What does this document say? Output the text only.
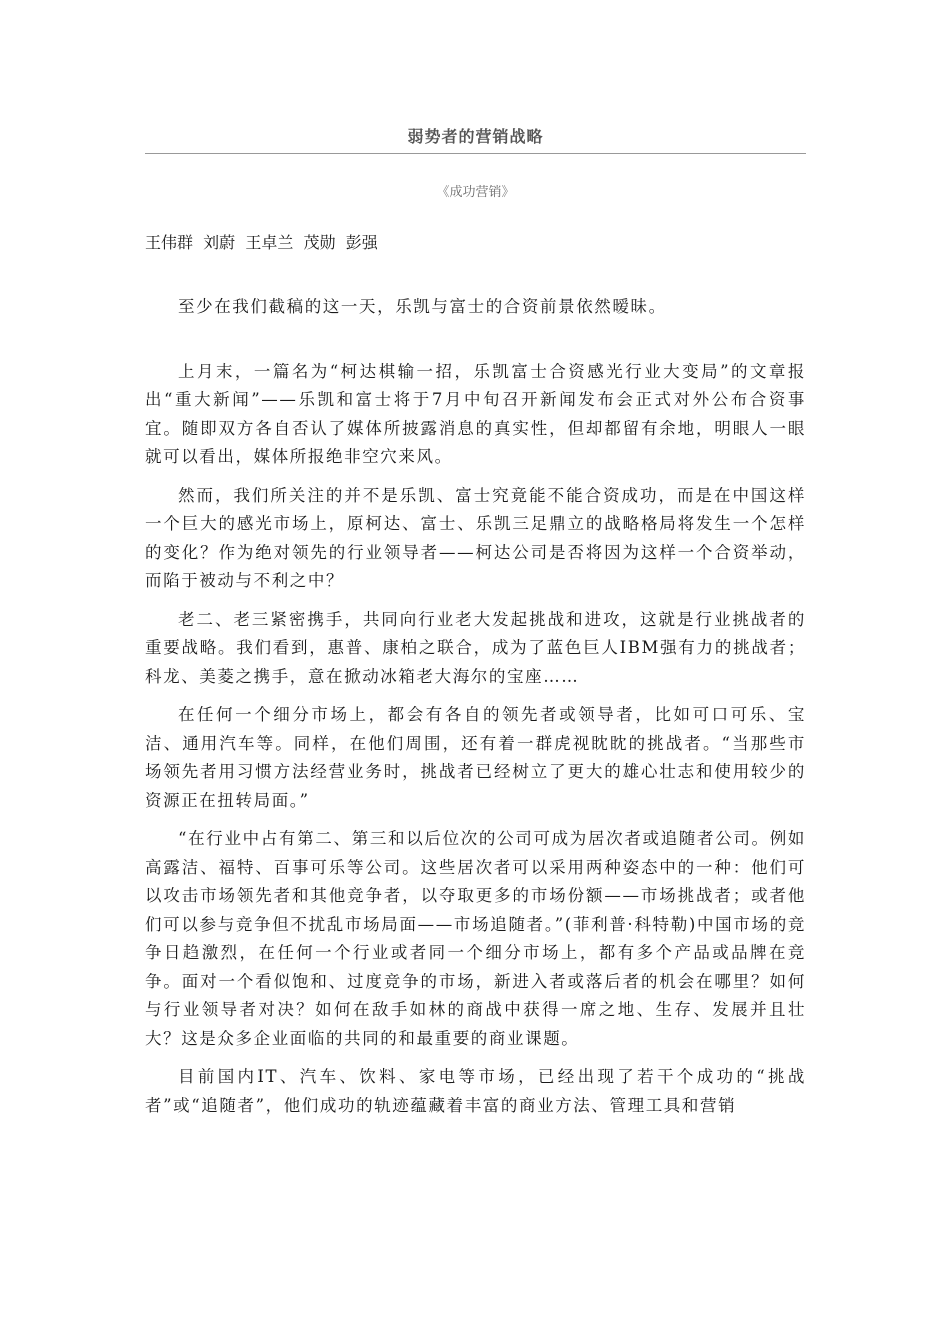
弱势者的营销战略
《成功营销》
王伟群  刘蔚  王卓兰  茂勋  彭强

至少在我们截稿的这一天，乐凯与富士的合资前景依然暧昧。

上月末，一篇名为“柯达棋输一招，乐凯富士合资感光行业大变局”的文章报出“重大新闻”——乐凯和富士将于7月中旬召开新闻发布会正式对外公布合资事宜。随即双方各自否认了媒体所披露消息的真实性，但却都留有余地，明眼人一眼就可以看出，媒体所报绝非空穴来风。

然而，我们所关注的并不是乐凯、富士究竟能不能合资成功，而是在中国这样一个巨大的感光市场上，原柯达、富士、乐凯三足鼎立的战略格局将发生一个怎样的变化？作为绝对领先的行业领导者——柯达公司是否将因为这样一个合资举动，而陷于被动与不利之中？

老二、老三紧密携手，共同向行业老大发起挑战和进攻，这就是行业挑战者的重要战略。我们看到，惠普、康柏之联合，成为了蓝色巨人IBM强有力的挑战者；科龙、美菱之携手，意在掀动冰箱老大海尔的宝座……

在任何一个细分市场上，都会有各自的领先者或领导者，比如可口可乐、宝洁、通用汽车等。同样，在他们周围，还有着一群虎视眈眈的挑战者。“当那些市场领先者用习惯方法经营业务时，挑战者已经树立了更大的雄心壮志和使用较少的资源正在扭转局面。”

“在行业中占有第二、第三和以后位次的公司可成为居次者或追随者公司。例如高露洁、福特、百事可乐等公司。这些居次者可以采用两种姿态中的一种：他们可以攻击市场领先者和其他竞争者，以夺取更多的市场份额——市场挑战者；或者他们可以参与竞争但不扰乱市场局面——市场追随者。”(菲利普·科特勒)中国市场的竞争日趋激烈，在任何一个行业或者同一个细分市场上，都有多个产品或品牌在竞争。面对一个看似饱和、过度竞争的市场，新进入者或落后者的机会在哪里？如何与行业领导者对决？如何在敌手如林的商战中获得一席之地、生存、发展并且壮大？这是众多企业面临的共同的和最重要的商业课题。

目前国内IT、汽车、饮料、家电等市场，已经出现了若干个成功的“挑战者”或“追随者”，他们成功的轨迹蕴藏着丰富的商业方法、管理工具和营销
